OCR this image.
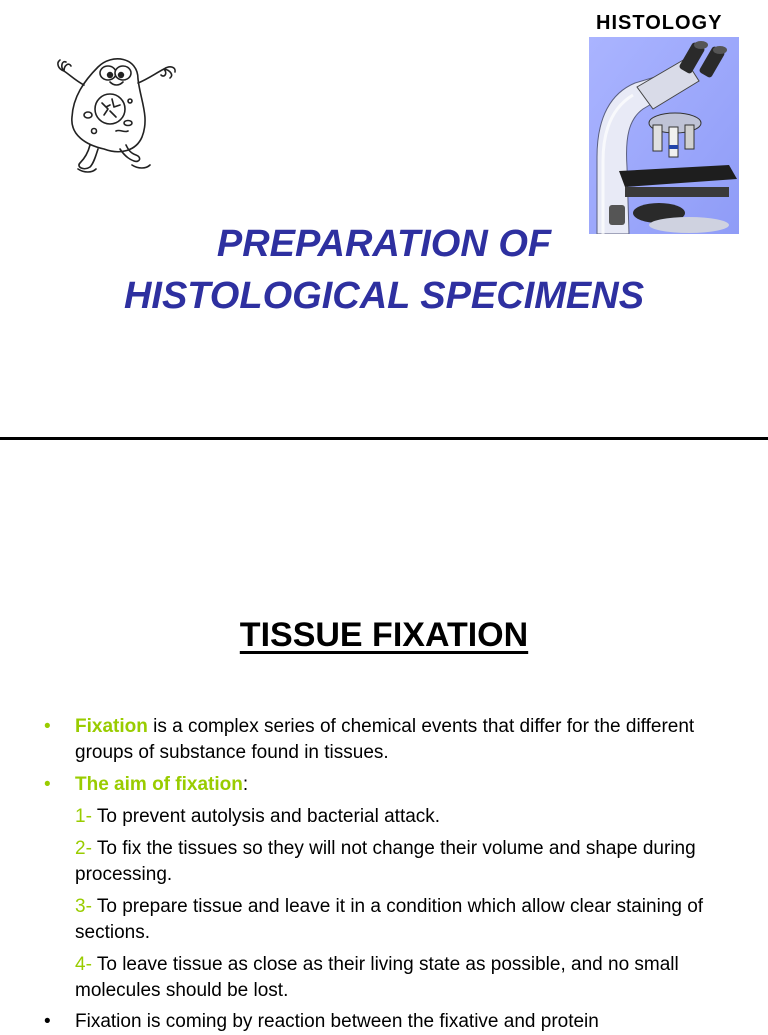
HISTOLOGY
PREPARATION OF
HISTOLOGICAL SPECIMENS
TISSUE FIXATION

• Fixation is a complex series of chemical events that differ for the different groups of substance found in tissues.

• The aim of fixation:

1- To prevent autolysis and bacterial attack.

2- To fix the tissues so they will not change their volume and shape during processing.

3- To prepare tissue and leave it in a condition which allow clear staining of sections.

4- To leave tissue as close as their living state as possible, and no small molecules should be lost.

• Fixation is coming by reaction between the fixative and protein
